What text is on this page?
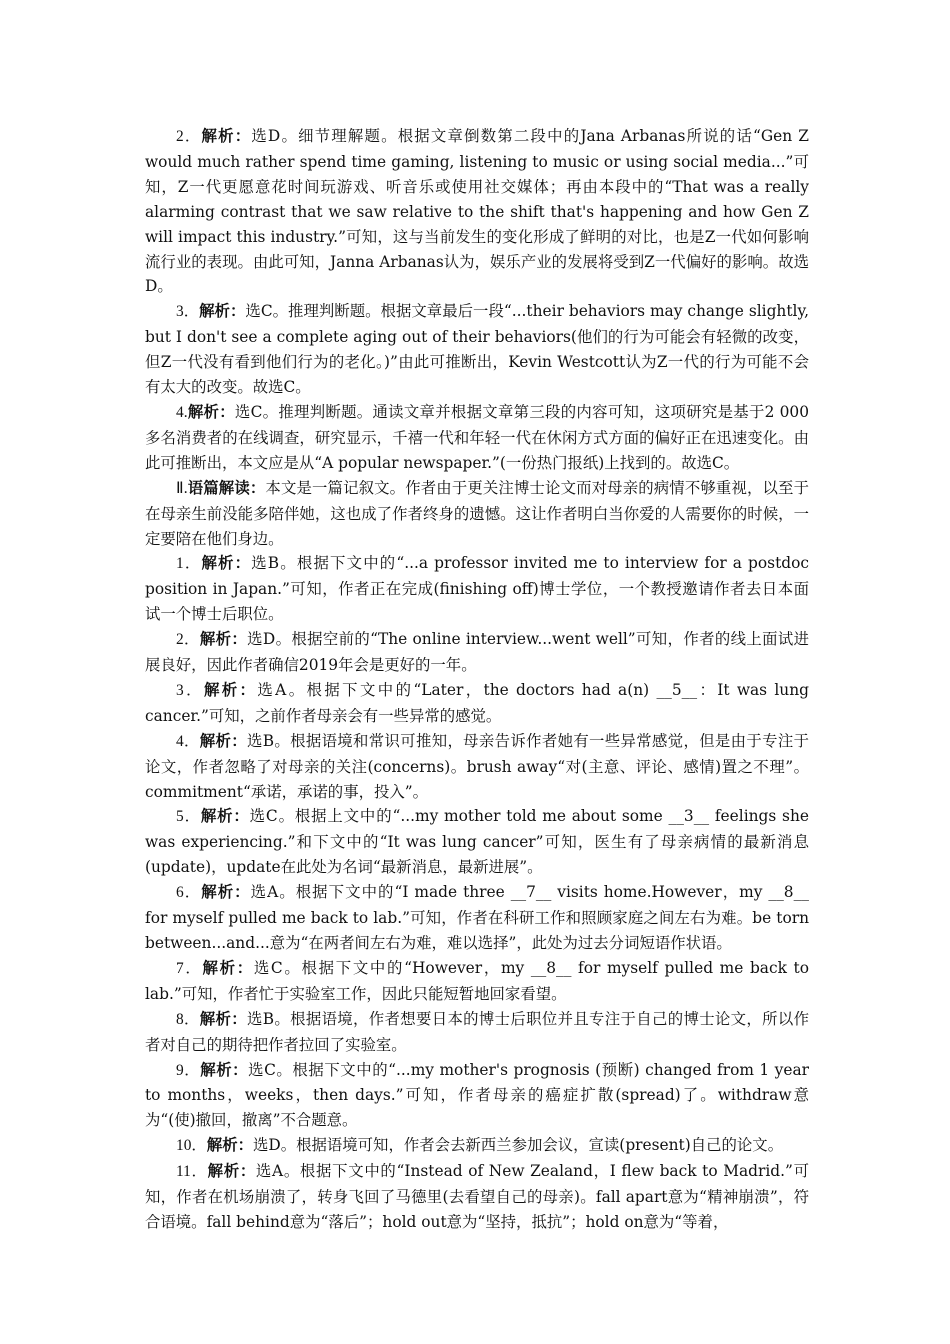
2．解析：选D。细节理解题。根据文章倒数第二段中的Jana Arbanas所说的话“Gen Z would much rather spend time gaming, listening to music or using social media...”可知，Z一代更愿意花时间玩游戏、听音乐或使用社交媒体；再由本段中的“That was a really alarming contrast that we saw relative to the shift that's happening and how Gen Z will impact this industry.”可知，这与当前发生的变化形成了鲜明的对比，也是Z一代如何影响流行业的表现。由此可知，Janna Arbanas认为，娱乐产业的发展将受到Z一代偏好的影响。故选D。

3．解析：选C。推理判断题。根据文章最后一段“...their behaviors may change slightly, but I don't see a complete aging out of their behaviors(他们的行为可能会有轻微的改变，但Z一代没有看到他们行为的老化。)”由此可推断出，Kevin Westcott认为Z一代的行为可能不会有太大的改变。故选C。

4.解析：选C。推理判断题。通读文章并根据文章第三段的内容可知，这项研究是基于2 000多名消费者的在线调查，研究显示，千禧一代和年轻一代在休闲方式方面的偏好正在迅速变化。由此可推断出，本文应是从“A popular newspaper.”(一份热门报纸)上找到的。故选C。

Ⅱ.语篇解读：本文是一篇记叙文。作者由于更关注博士论文而对母亲的病情不够重视，以至于在母亲生前没能多陪伴她，这也成了作者终身的遗憾。这让作者明白当你爱的人需要你的时候，一定要陪在他们身边。

1．解析：选B。根据下文中的“...a professor invited me to interview for a postdoc position in Japan.”可知，作者正在完成(finishing off)博士学位，一个教授邀请作者去日本面试一个博士后职位。

2．解析：选D。根据空前的“The online interview...went well”可知，作者的线上面试进展良好，因此作者确信2019年会是更好的一年。

3．解析：选A。根据下文中的“Later，the doctors had a(n) __5__：It was lung cancer.”可知，之前作者母亲会有一些异常的感觉。

4．解析：选B。根据语境和常识可推知，母亲告诉作者她有一些异常感觉，但是由于专注于论文，作者忽略了对母亲的关注(concerns)。brush away“对(主意、评论、感情)置之不理”。commitment“承诺，承诺的事，投入”。

5．解析：选C。根据上文中的“...my mother told me about some __3__ feelings she was experiencing.”和下文中的“It was lung cancer”可知，医生有了母亲病情的最新消息(update)，update在此处为名词“最新消息，最新进展”。

6．解析：选A。根据下文中的“I made three __7__ visits home.However，my __8__ for myself pulled me back to lab.”可知，作者在科研工作和照顾家庭之间左右为难。be torn between...and...意为“在两者间左右为难，难以选择”，此处为过去分词短语作状语。

7．解析：选C。根据下文中的“However，my __8__ for myself pulled me back to lab.”可知，作者忙于实验室工作，因此只能短暂地回家看望。

8．解析：选B。根据语境，作者想要日本的博士后职位并且专注于自己的博士论文，所以作者对自己的期待把作者拉回了实验室。

9．解析：选C。根据下文中的“...my mother's prognosis (预断) changed from 1 year to months，weeks，then days.”可知，作者母亲的癌症扩散(spread)了。withdraw意为“(使)撤回，撤离”不合题意。

10．解析：选D。根据语境可知，作者会去新西兰参加会议，宣读(present)自己的论文。

11．解析：选A。根据下文中的“Instead of New Zealand，I flew back to Madrid.”可知，作者在机场崩溃了，转身飞回了马德里(去看望自己的母亲)。fall apart意为“精神崩溃”，符合语境。fall behind意为“落后”；hold out意为“坚持，抵抗”；hold on意为“等着，
